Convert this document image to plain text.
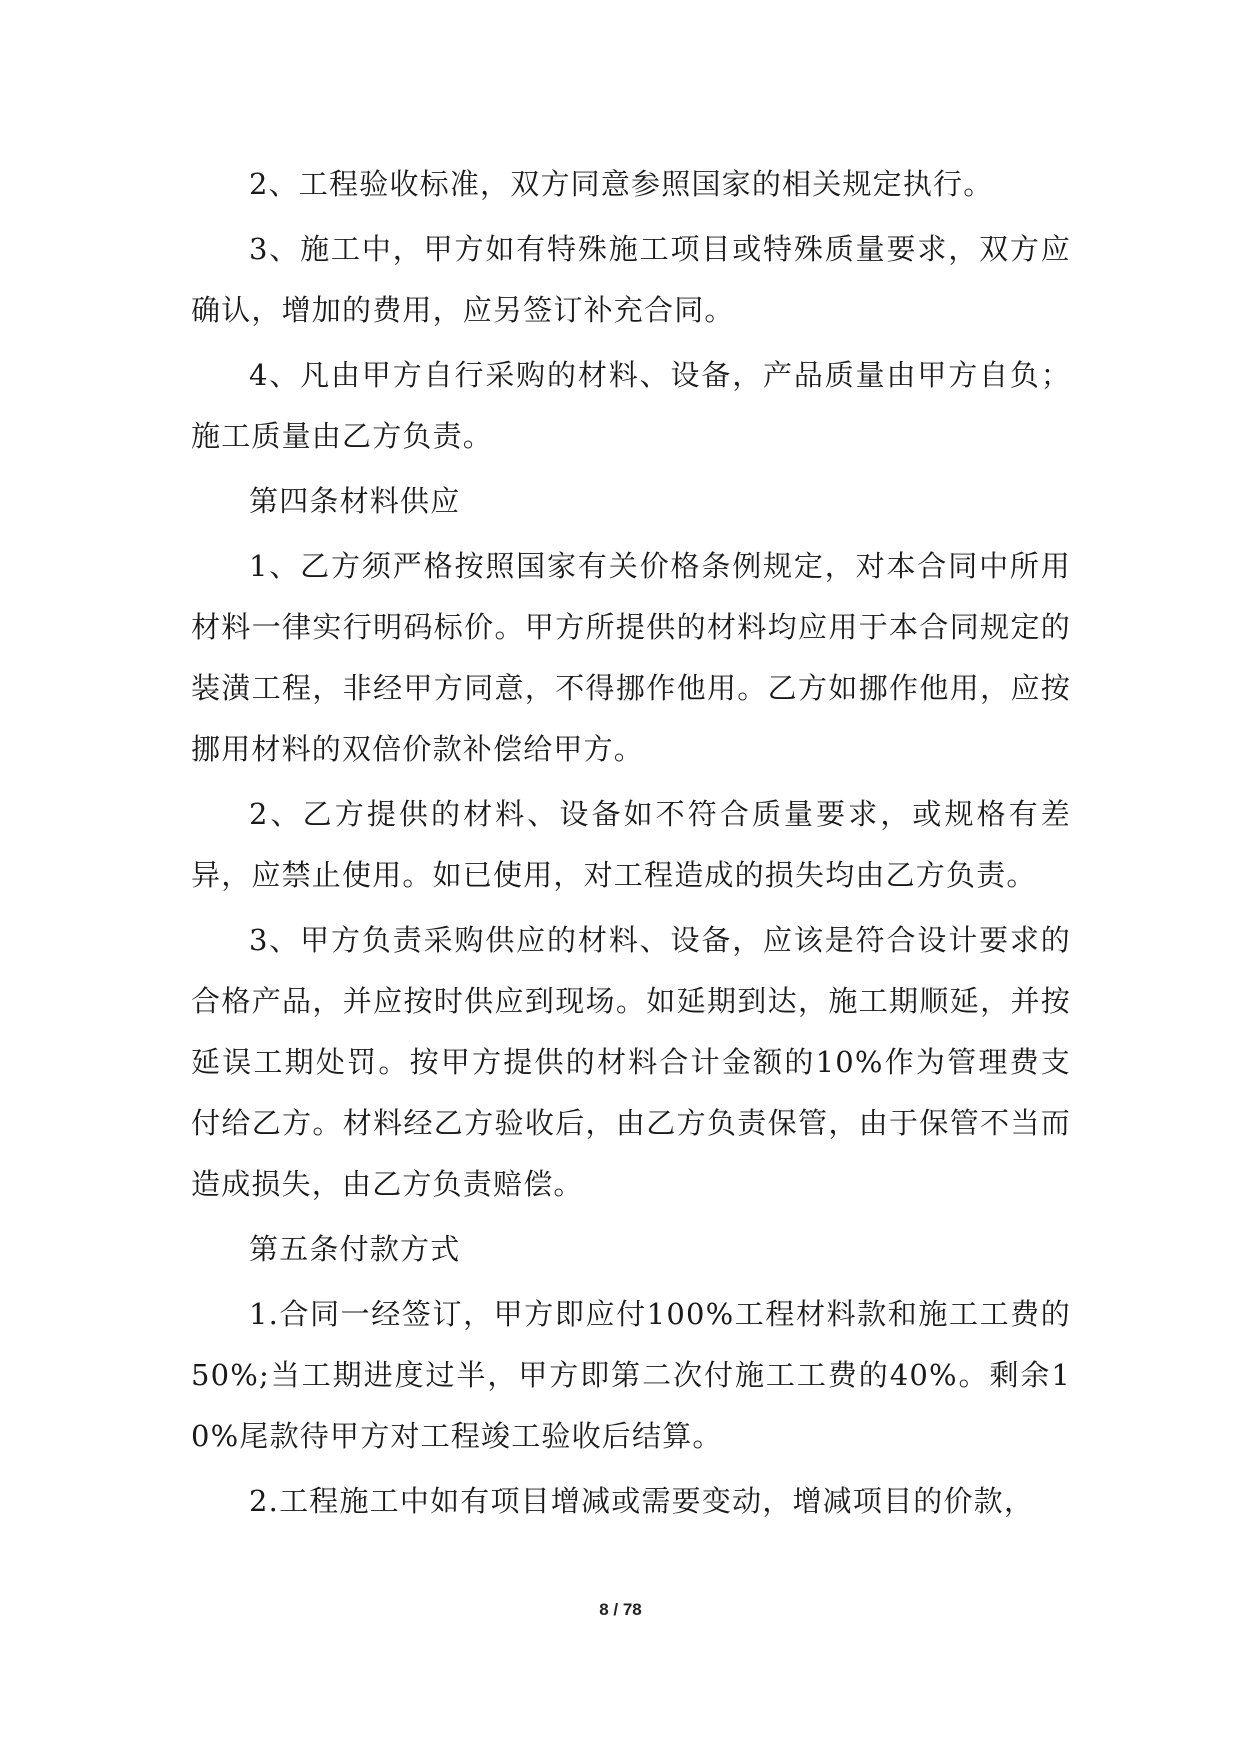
2、工程验收标准，双方同意参照国家的相关规定执行。

3、施工中，甲方如有特殊施工项目或特殊质量要求，双方应确认，增加的费用，应另签订补充合同。

4、凡由甲方自行采购的材料、设备，产品质量由甲方自负；施工质量由乙方负责。

第四条材料供应

1、乙方须严格按照国家有关价格条例规定，对本合同中所用材料一律实行明码标价。甲方所提供的材料均应用于本合同规定的装潢工程，非经甲方同意，不得挪作他用。乙方如挪作他用，应按挪用材料的双倍价款补偿给甲方。

2、乙方提供的材料、设备如不符合质量要求，或规格有差异，应禁止使用。如已使用，对工程造成的损失均由乙方负责。

3、甲方负责采购供应的材料、设备，应该是符合设计要求的合格产品，并应按时供应到现场。如延期到达，施工期顺延，并按延误工期处罚。按甲方提供的材料合计金额的10%作为管理费支付给乙方。材料经乙方验收后，由乙方负责保管，由于保管不当而造成损失，由乙方负责赔偿。

第五条付款方式

1.合同一经签订，甲方即应付100%工程材料款和施工工费的50%;当工期进度过半，甲方即第二次付施工工费的40%。剩余10%尾款待甲方对工程竣工验收后结算。

2.工程施工中如有项目增减或需要变动，增减项目的价款，

8 / 78
